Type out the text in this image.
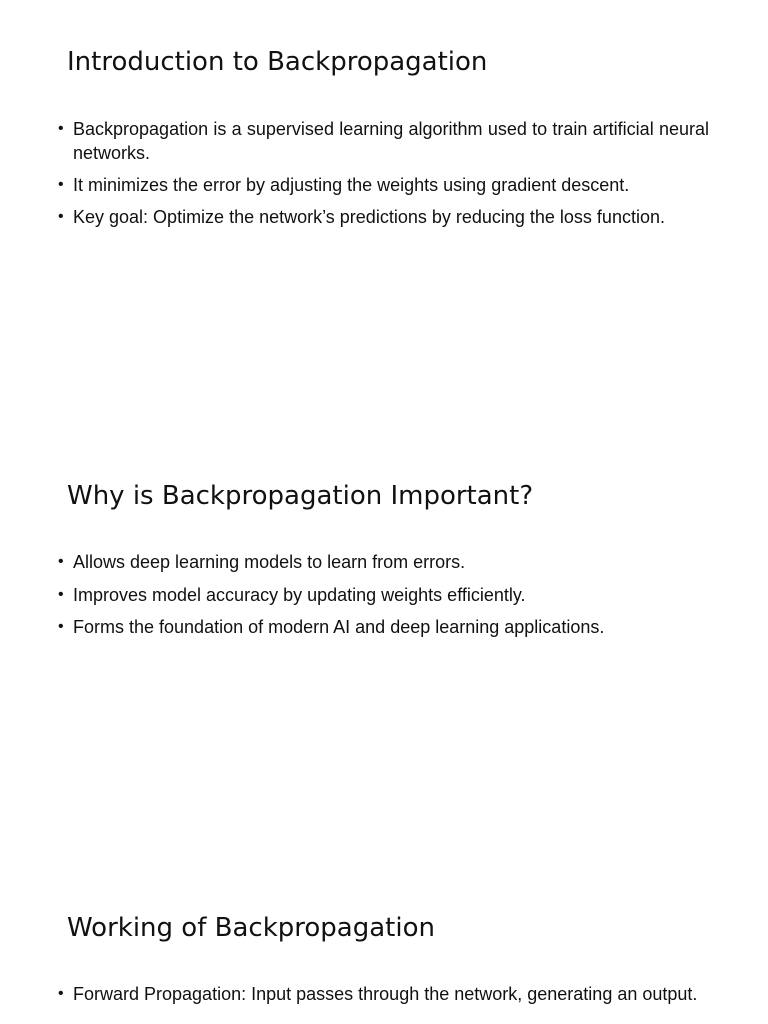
Introduction to Backpropagation
• Backpropagation is a supervised learning algorithm used to train artificial neural networks.
• It minimizes the error by adjusting the weights using gradient descent.
• Key goal: Optimize the network’s predictions by reducing the loss function.
Why is Backpropagation Important?
• Allows deep learning models to learn from errors.
• Improves model accuracy by updating weights efficiently.
• Forms the foundation of modern AI and deep learning applications.
Working of Backpropagation
• Forward Propagation: Input passes through the network, generating an output.
